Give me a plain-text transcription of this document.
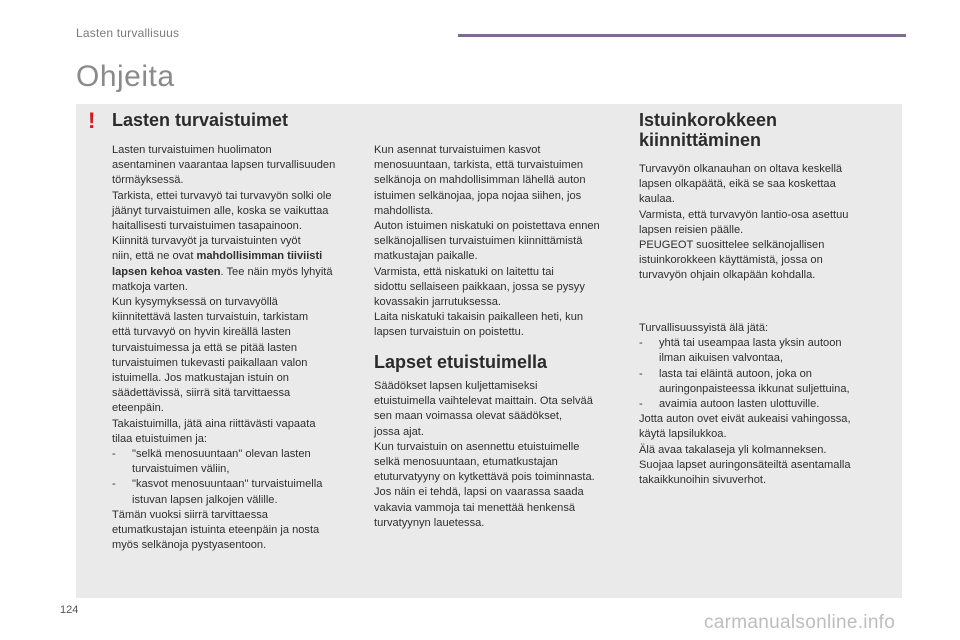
Lasten turvallisuus
Ohjeita
! Lasten turvaistuimet

Lasten turvaistuimen huolimaton
asentaminen vaarantaa lapsen turvallisuuden
törmäyksessä.
Tarkista, ettei turvavyö tai turvavyön solki ole
jäänyt turvaistuimen alle, koska se vaikuttaa
haitallisesti turvaistuimen tasapainoon.
Kiinnitä turvavyöt ja turvaistuinten vyöt
niin, että ne ovat mahdollisimman tiiviisti
lapsen kehoa vasten. Tee näin myös lyhyitä
matkoja varten.

Kun kysymyksessä on turvavyöllä
kiinnitettävä lasten turvaistuin, tarkistam
että turvavyö on hyvin kireällä lasten
turvaistuimessa ja että se pitää lasten
turvaistuimen tukevasti paikallaan valon
istuimella. Jos matkustajan istuin on
säädettävissä, siirrä sitä tarvittaessa
eteenpäin.

Takaistuimilla, jätä aina riittävästi vapaata
tilaa etuistuimen ja:

- "selkä menosuuntaan" olevan lasten
turvaistuimen väliin,
- "kasvot menosuuntaan" turvaistuimella
istuvan lapsen jalkojen välille.

Tämän vuoksi siirrä tarvittaessa
etumatkustajan istuinta eteenpäin ja nosta
myös selkänoja pystyasentoon.

Kun asennat turvaistuimen kasvot
menosuuntaan, tarkista, että turvaistuimen
selkänoja on mahdollisimman lähellä auton
istuimen selkänojaa, jopa nojaa siihen, jos
mahdollista.

Auton istuimen niskatuki on poistettava ennen
selkänojallisen turvaistuimen kiinnittämistä
matkustajan paikalle.
Varmista, että niskatuki on laitettu tai
sidottu sellaiseen paikkaan, jossa se pysyy
kovassakin jarrutuksessa.
Laita niskatuki takaisin paikalleen heti, kun
lapsen turvaistuin on poistettu.

Lapset etuistuimella

Säädökset lapsen kuljettamiseksi
etuistuimella vaihtelevat maittain. Ota selvää
sen maan voimassa olevat säädökset,
jossa ajat.
Kun turvaistuin on asennettu etuistuimelle
selkä menosuuntaan, etumatkustajan
etuturvatyyny on kytkettävä pois toiminnasta.
Jos näin ei tehdä, lapsi on vaarassa saada
vakavia vammoja tai menettää henkensä
turvatyynyn lauetessa.

Istuinkorokkeen
kiinnittäminen

Turvavyön olkanauhan on oltava keskellä
lapsen olkapäätä, eikä se saa koskettaa
kaulaa.
Varmista, että turvavyön lantio-osa asettuu
lapsen reisien päälle.
PEUGEOT suosittelee selkänojallisen
istuinkorokkeen käyttämistä, jossa on
turvavyön ohjain olkapään kohdalla.

Turvallisuussyistä älä jätä:

- yhtä tai useampaa lasta yksin autoon
ilman aikuisen valvontaa,
- lasta tai eläintä autoon, joka on
auringonpaisteessa ikkunat suljettuina,
- avaimia autoon lasten ulottuville.

Jotta auton ovet eivät aukeaisi vahingossa,
käytä lapsilukkoa.
Älä avaa takalaseja yli kolmanneksen.
Suojaa lapset auringonsäteiltä asentamalla
takaikkunoihin sivuverhot.

124
carmanualsonline.info
